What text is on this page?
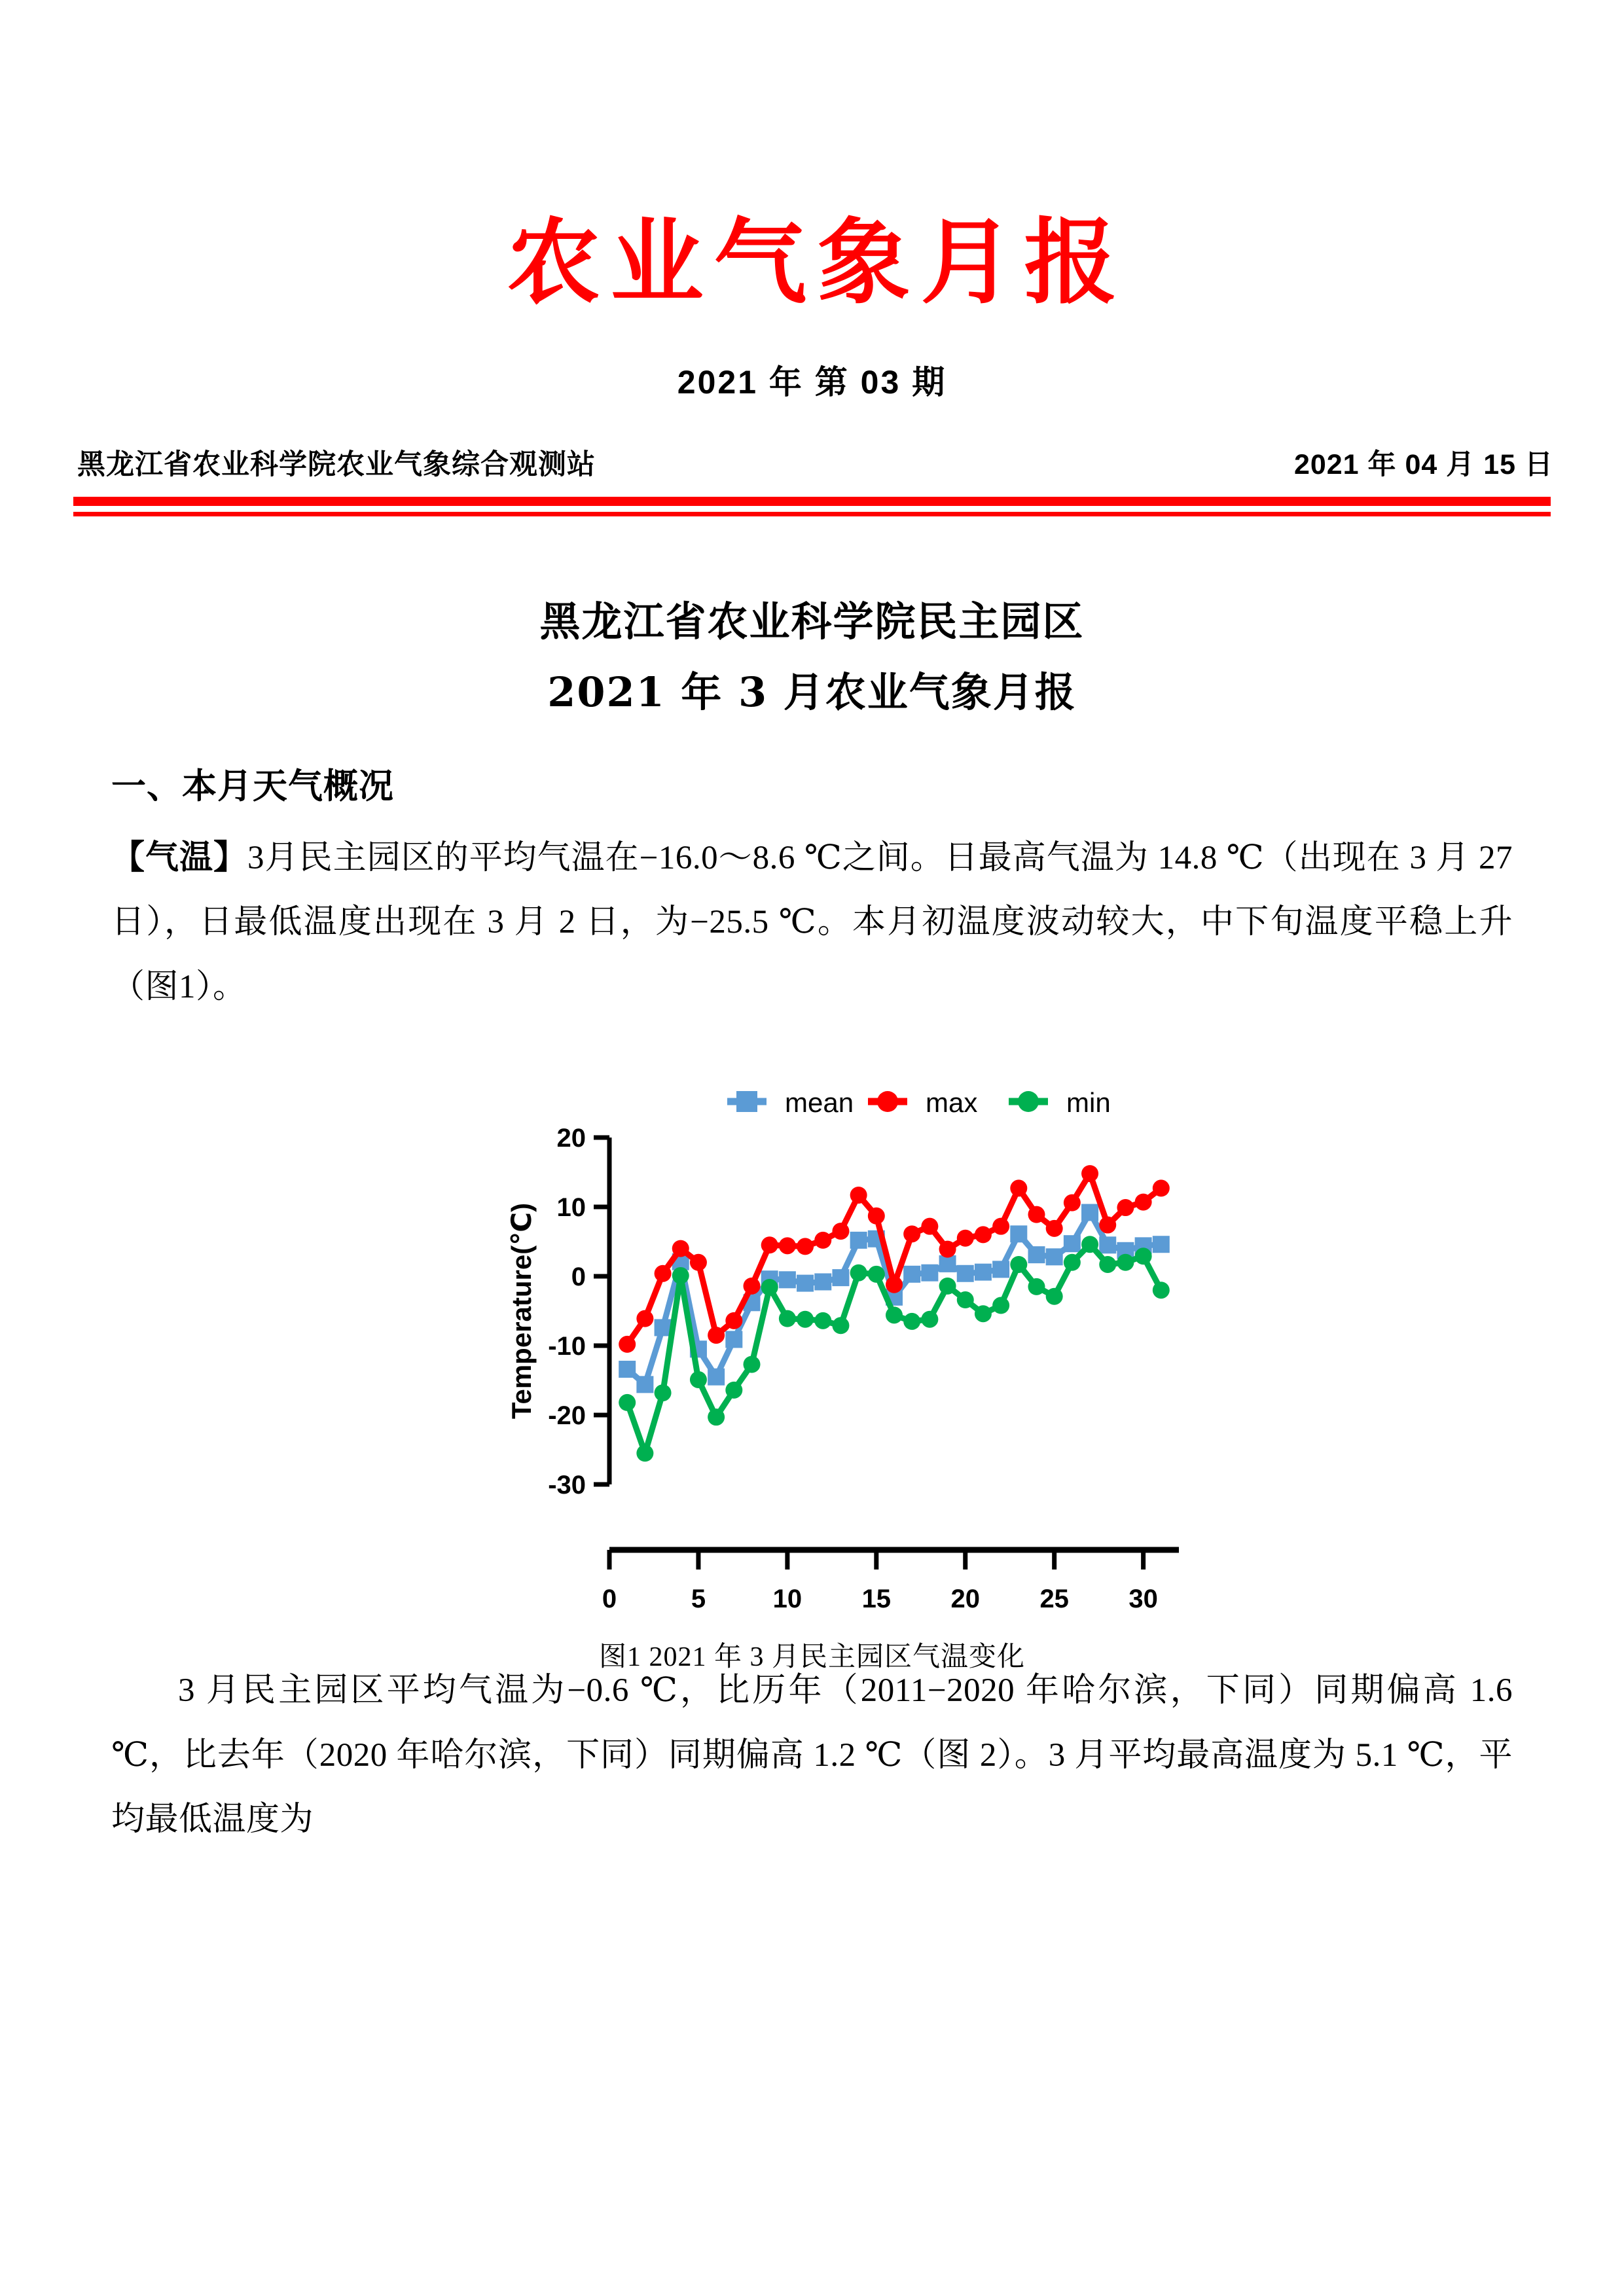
农业气象月报
2021 年 第 03 期
黑龙江省农业科学院农业气象综合观测站	2021 年 04 月 15 日
黑龙江省农业科学院民主园区
2021 年 3 月农业气象月报
一、本月天气概况

【气温】3月民主园区的平均气温在−16.0～8.6 ℃之间。日最高气温为 14.8 ℃（出现在 3 月 27 日），日最低温度出现在 3 月 2 日，为−25.5 ℃。本月初温度波动较大，中下旬温度平稳上升（图1）。

mean	max	min
-30
-20
-10
0
10
20
Temperature(℃)
0	5	10 15 20 25 30
图1 2021 年 3 月民主园区气温变化

3 月民主园区平均气温为−0.6 ℃，比历年（2011−2020 年哈尔滨，下同）同期偏高 1.6 ℃，比去年（2020 年哈尔滨，下同）同期偏高 1.2 ℃（图 2）。3 月平均最高温度为 5.1 ℃，平均最低温度为
